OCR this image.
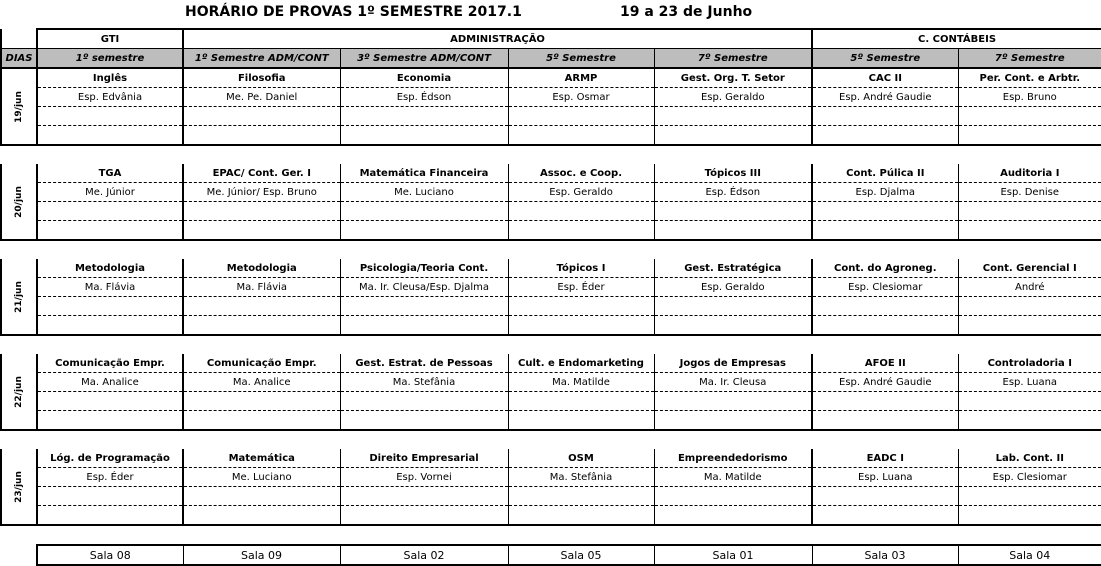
HORÁRIO DE PROVAS 1º SEMESTRE 2017.1	19 a 23 de Junho
	GTI	ADMINISTRAÇÃO				C. CONTÁBEIS	
DIAS	1º semestre	1º Semestre ADM/CONT	3º Semestre ADM/CONT	5º Semestre	7º Semestre	5º Semestre	7º Semestre

19/jun	Inglês	Filosofia	Economia	ARMP	Gest. Org. T. Setor	CAC II	Per. Cont. e Arbtr.
	Esp. Edvânia	Me. Pe. Daniel	Esp. Édson	Esp. Osmar	Esp. Geraldo	Esp. André Gaudie	Esp. Bruno

20/jun	TGA	EPAC/ Cont. Ger. I	Matemática Financeira	Assoc. e Coop.	Tópicos III	Cont. Púlica II	Auditoria I
	Me. Júnior	Me. Júnior/ Esp. Bruno	Me. Luciano	Esp. Geraldo	Esp. Édson	Esp. Djalma	Esp. Denise

21/jun	Metodologia	Metodologia	Psicologia/Teoria Cont.	Tópicos I	Gest. Estratégica	Cont. do Agroneg.	Cont. Gerencial I
	Ma. Flávia	Ma. Flávia	Ma. Ir. Cleusa/Esp. Djalma	Esp. Éder	Esp. Geraldo	Esp. Clesiomar	André

22/jun	Comunicação Empr.	Comunicação Empr.	Gest. Estrat. de Pessoas	Cult. e Endomarketing	Jogos de Empresas	AFOE II	Controladoria I
	Ma. Analice	Ma. Analice	Ma. Stefânia	Ma. Matilde	Ma. Ir. Cleusa	Esp. André Gaudie	Esp. Luana

23/jun	Lóg. de Programação	Matemática	Direito Empresarial	OSM	Empreendedorismo	EADC I	Lab. Cont. II
	Esp. Éder	Me. Luciano	Esp. Vornei	Ma. Stefânia	Ma. Matilde	Esp. Luana	Esp. Clesiomar

	Sala 08	Sala 09	Sala 02	Sala 05	Sala 01	Sala 03	Sala 04
